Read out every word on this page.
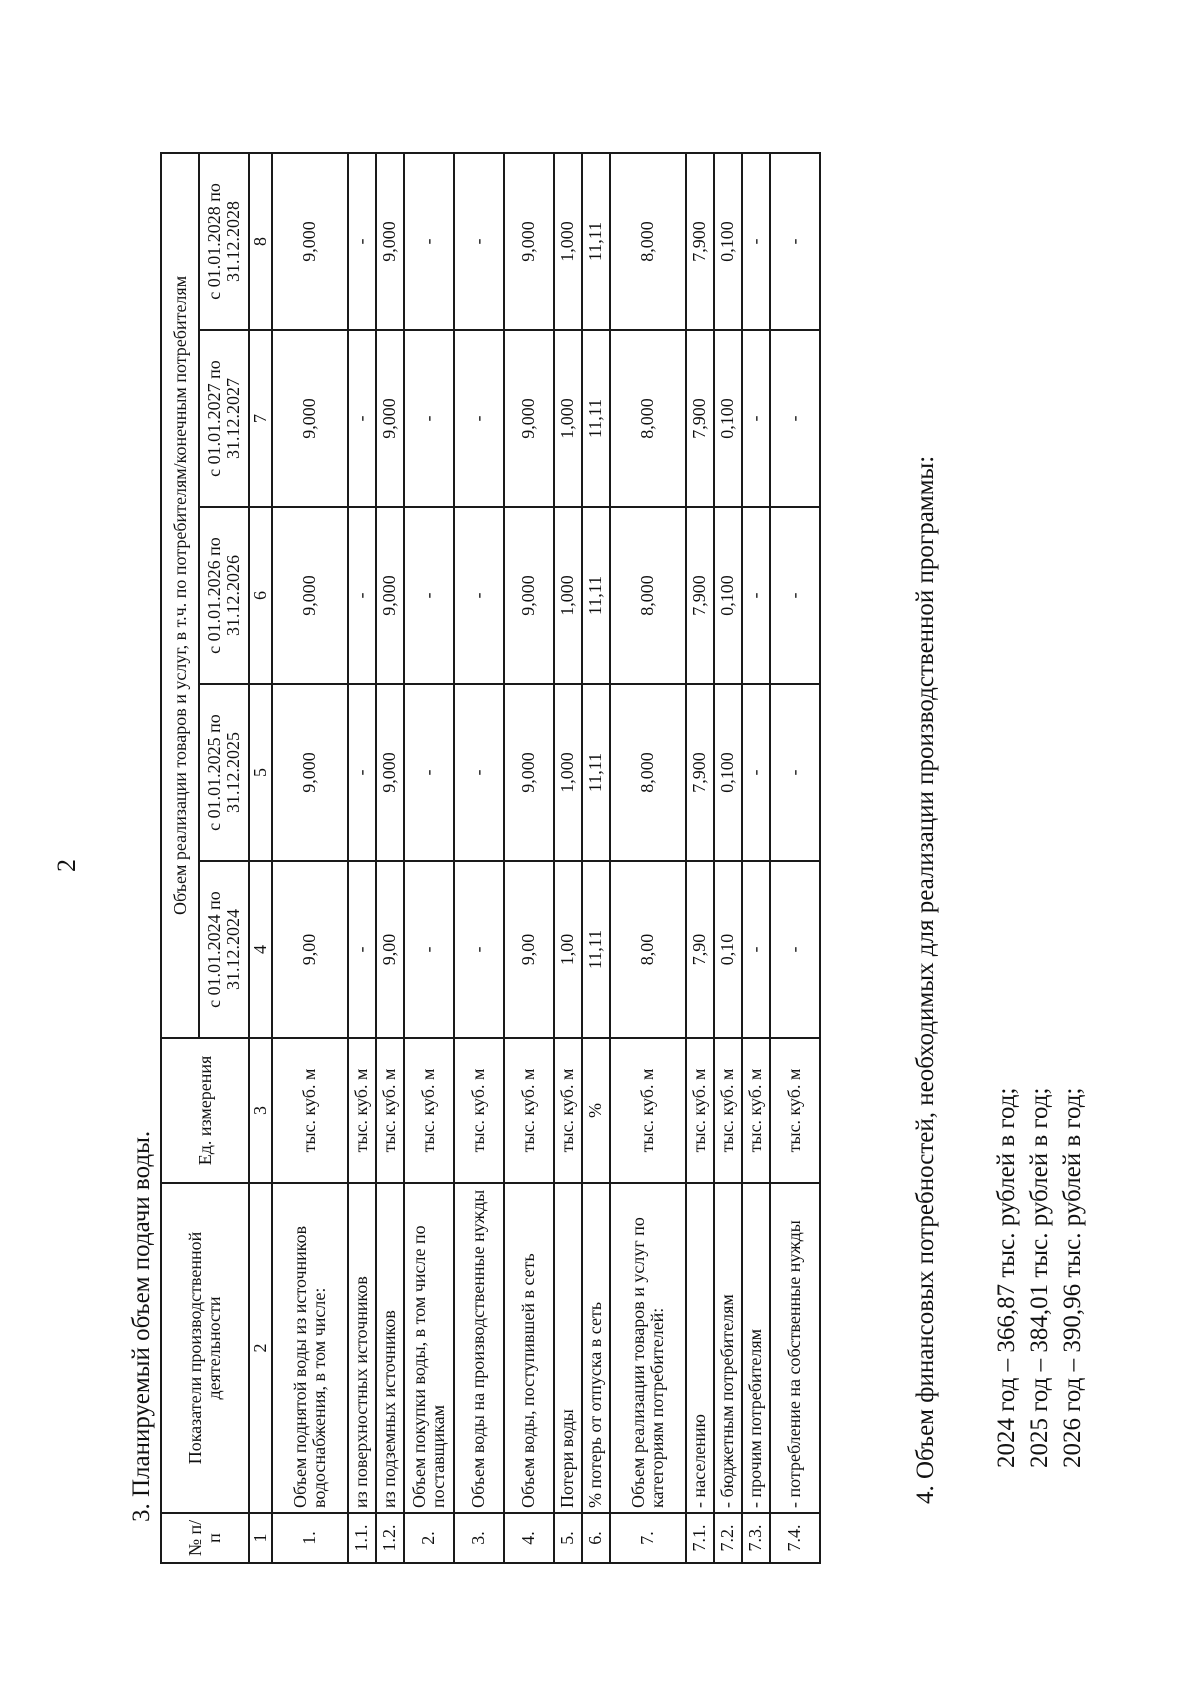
2
3. Планируемый объем подачи воды.
№ п/п	Показатели производственной деятельности	Ед. измерения	Объем реализации товаров и услуг, в т.ч. по потребителям/конечным потребителям				
			с 01.01.2024 по 31.12.2024	с 01.01.2025 по 31.12.2025	с 01.01.2026 по 31.12.2026	с 01.01.2027 по 31.12.2027	с 01.01.2028 по 31.12.2028
1	2	3	4	5	6	7	8
1.	Объем поднятой воды из источников водоснабжения, в том числе:	тыс. куб. м	9,00	9,000	9,000	9,000	9,000
1.1.	из поверхностных источников	тыс. куб. м	-	-	-	-	-
1.2.	из подземных источников	тыс. куб. м	9,00	9,000	9,000	9,000	9,000
2.	Объем покупки воды, в том числе по поставщикам	тыс. куб. м	-	-	-	-	-
3.	Объем воды на производственные нужды	тыс. куб. м	-	-	-	-	-
4.	Объем воды, поступившей в сеть	тыс. куб. м	9,00	9,000	9,000	9,000	9,000
5.	Потери воды	тыс. куб. м	1,00	1,000	1,000	1,000	1,000
6.	% потерь от отпуска в сеть	%	11,11	11,11	11,11	11,11	11,11
7.	Объем реализации товаров и услуг по категориям потребителей:	тыс. куб. м	8,00	8,000	8,000	8,000	8,000
7.1.	- населению	тыс. куб. м	7,90	7,900	7,900	7,900	7,900
7.2.	- бюджетным потребителям	тыс. куб. м	0,10	0,100	0,100	0,100	0,100
7.3.	- прочим потребителям	тыс. куб. м	-	-	-	-	-
7.4.	- потребление на собственные нужды	тыс. куб. м	-	-	-	-	-
4. Объем финансовых потребностей, необходимых для реализации производственной программы: 2024 год – 366,87 тыс. рублей в год; 2025 год – 384,01 тыс. рублей в год; 2026 год – 390,96 тыс. рублей в год;
